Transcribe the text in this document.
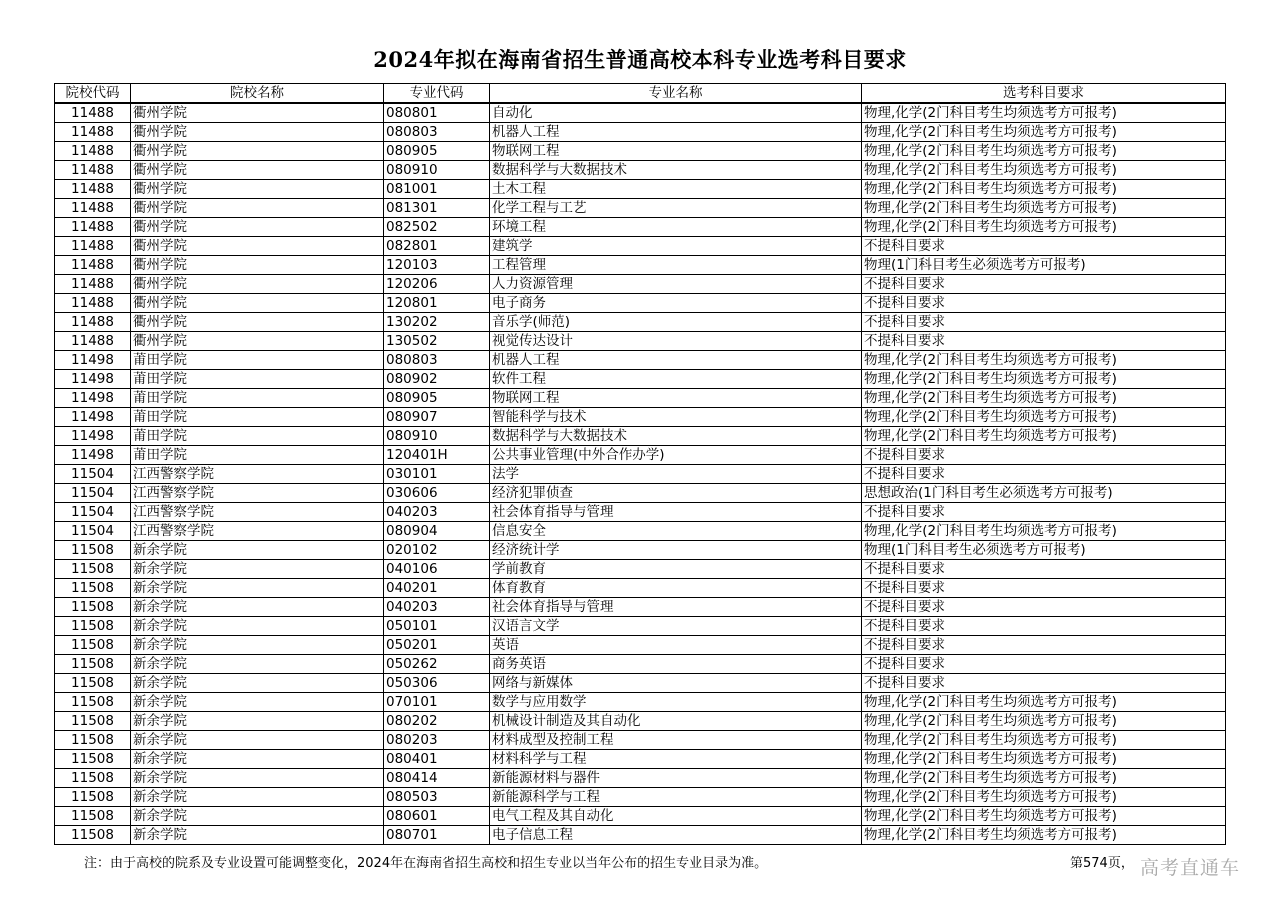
2024年拟在海南省招生普通高校本科专业选考科目要求
院校代码	院校名称	专业代码	专业名称	选考科目要求
11488	衢州学院	080801	自动化	物理,化学(2门科目考生均须选考方可报考)
11488	衢州学院	080803	机器人工程	物理,化学(2门科目考生均须选考方可报考)
11488	衢州学院	080905	物联网工程	物理,化学(2门科目考生均须选考方可报考)
11488	衢州学院	080910	数据科学与大数据技术	物理,化学(2门科目考生均须选考方可报考)
11488	衢州学院	081001	土木工程	物理,化学(2门科目考生均须选考方可报考)
11488	衢州学院	081301	化学工程与工艺	物理,化学(2门科目考生均须选考方可报考)
11488	衢州学院	082502	环境工程	物理,化学(2门科目考生均须选考方可报考)
11488	衢州学院	082801	建筑学	不提科目要求
11488	衢州学院	120103	工程管理	物理(1门科目考生必须选考方可报考)
11488	衢州学院	120206	人力资源管理	不提科目要求
11488	衢州学院	120801	电子商务	不提科目要求
11488	衢州学院	130202	音乐学(师范)	不提科目要求
11488	衢州学院	130502	视觉传达设计	不提科目要求
11498	莆田学院	080803	机器人工程	物理,化学(2门科目考生均须选考方可报考)
11498	莆田学院	080902	软件工程	物理,化学(2门科目考生均须选考方可报考)
11498	莆田学院	080905	物联网工程	物理,化学(2门科目考生均须选考方可报考)
11498	莆田学院	080907	智能科学与技术	物理,化学(2门科目考生均须选考方可报考)
11498	莆田学院	080910	数据科学与大数据技术	物理,化学(2门科目考生均须选考方可报考)
11498	莆田学院	120401H	公共事业管理(中外合作办学)	不提科目要求
11504	江西警察学院	030101	法学	不提科目要求
11504	江西警察学院	030606	经济犯罪侦查	思想政治(1门科目考生必须选考方可报考)
11504	江西警察学院	040203	社会体育指导与管理	不提科目要求
11504	江西警察学院	080904	信息安全	物理,化学(2门科目考生均须选考方可报考)
11508	新余学院	020102	经济统计学	物理(1门科目考生必须选考方可报考)
11508	新余学院	040106	学前教育	不提科目要求
11508	新余学院	040201	体育教育	不提科目要求
11508	新余学院	040203	社会体育指导与管理	不提科目要求
11508	新余学院	050101	汉语言文学	不提科目要求
11508	新余学院	050201	英语	不提科目要求
11508	新余学院	050262	商务英语	不提科目要求
11508	新余学院	050306	网络与新媒体	不提科目要求
11508	新余学院	070101	数学与应用数学	物理,化学(2门科目考生均须选考方可报考)
11508	新余学院	080202	机械设计制造及其自动化	物理,化学(2门科目考生均须选考方可报考)
11508	新余学院	080203	材料成型及控制工程	物理,化学(2门科目考生均须选考方可报考)
11508	新余学院	080401	材料科学与工程	物理,化学(2门科目考生均须选考方可报考)
11508	新余学院	080414	新能源材料与器件	物理,化学(2门科目考生均须选考方可报考)
11508	新余学院	080503	新能源科学与工程	物理,化学(2门科目考生均须选考方可报考)
11508	新余学院	080601	电气工程及其自动化	物理,化学(2门科目考生均须选考方可报考)
11508	新余学院	080701	电子信息工程	物理,化学(2门科目考生均须选考方可报考)
注：由于高校的院系及专业设置可能调整变化，2024年在海南省招生高校和招生专业以当年公布的招生专业目录为准。	第574页， 高考直通车
